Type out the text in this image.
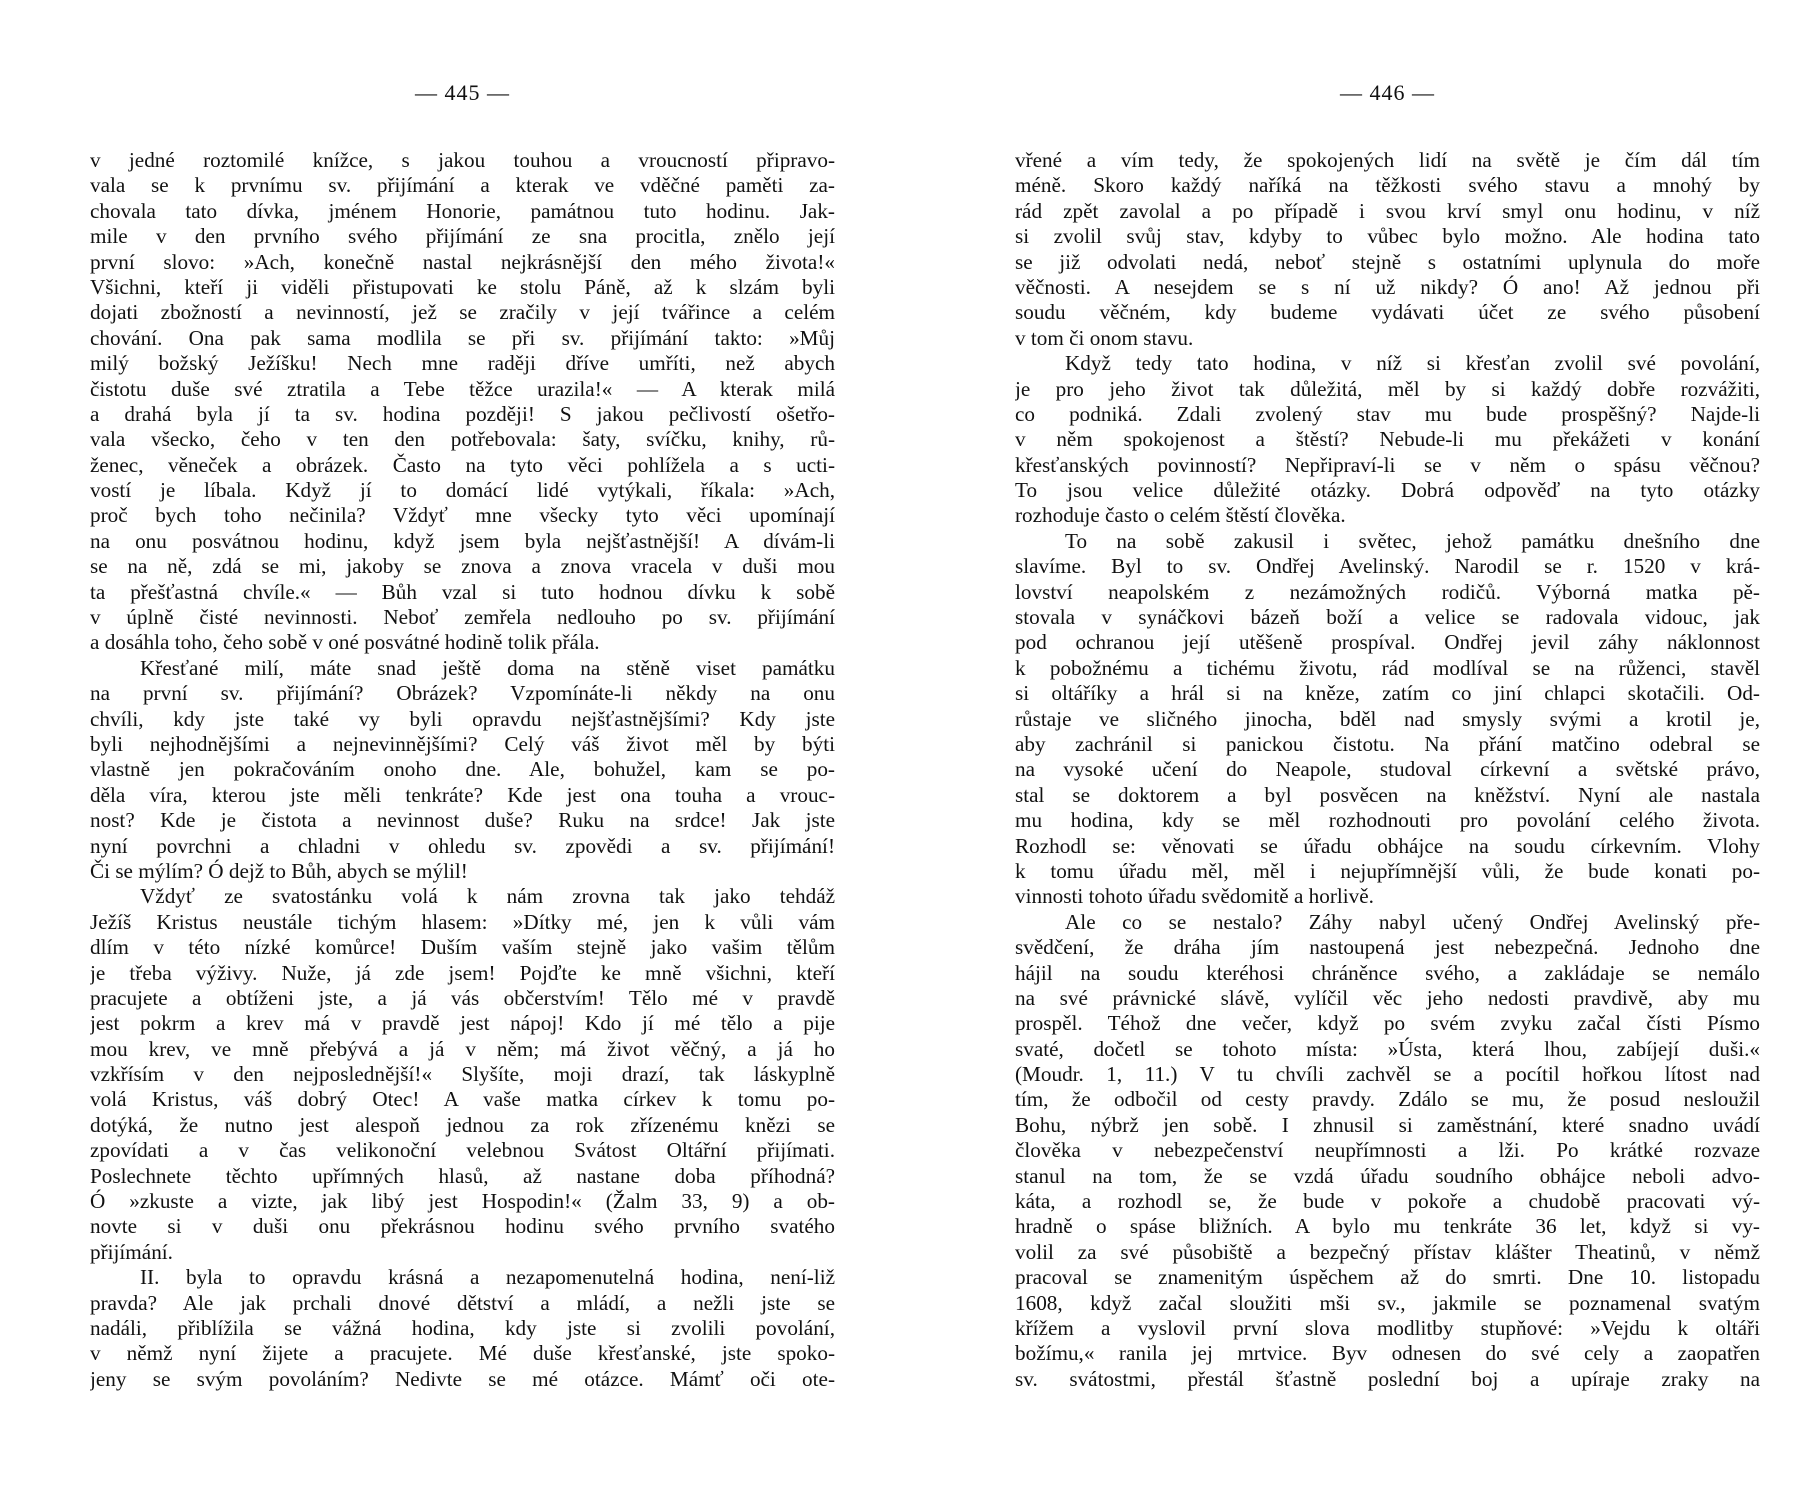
— 445 —
v jedné roztomilé knížce, s jakou touhou a vroucností připravo-
vala se k prvnímu sv. přijímání a kterak ve vděčné paměti za-
chovala tato dívka, jménem Honorie, památnou tuto hodinu. Jak-
mile v den prvního svého přijímání ze sna procitla, znělo její
první slovo: »Ach, konečně nastal nejkrásnější den mého života!«
Všichni, kteří ji viděli přistupovati ke stolu Páně, až k slzám byli
dojati zbožností a nevinností, jež se zračily v její tvářince a celém
chování. Ona pak sama modlila se při sv. přijímání takto: »Můj
milý božský Ježíšku! Nech mne raději dříve umříti, než abych
čistotu duše své ztratila a Tebe těžce urazila!« — A kterak milá
a drahá byla jí ta sv. hodina později! S jakou pečlivostí ošetřo-
vala všecko, čeho v ten den potřebovala: šaty, svíčku, knihy, rů-
ženec, věneček a obrázek. Často na tyto věci pohlížela a s ucti-
vostí je líbala. Když jí to domácí lidé vytýkali, říkala: »Ach,
proč bych toho nečinila? Vždyť mne všecky tyto věci upomínají
na onu posvátnou hodinu, když jsem byla nejšťastnější! A dívám-li
se na ně, zdá se mi, jakoby se znova a znova vracela v duši mou
ta přešťastná chvíle.« — Bůh vzal si tuto hodnou dívku k sobě
v úplně čisté nevinnosti. Neboť zemřela nedlouho po sv. přijímání
a dosáhla toho, čeho sobě v oné posvátné hodině tolik přála.
Křesťané milí, máte snad ještě doma na stěně viset památku
na první sv. přijímání? Obrázek? Vzpomínáte-li někdy na onu
chvíli, kdy jste také vy byli opravdu nejšťastnějšími? Kdy jste
byli nejhodnějšími a nejnevinnějšími? Celý váš život měl by býti
vlastně jen pokračováním onoho dne. Ale, bohužel, kam se po-
děla víra, kterou jste měli tenkráte? Kde jest ona touha a vrouc-
nost? Kde je čistota a nevinnost duše? Ruku na srdce! Jak jste
nyní povrchni a chladni v ohledu sv. zpovědi a sv. přijímání!
Či se mýlím? Ó dejž to Bůh, abych se mýlil!
Vždyť ze svatostánku volá k nám zrovna tak jako tehdáž
Ježíš Kristus neustále tichým hlasem: »Dítky mé, jen k vůli vám
dlím v této nízké komůrce! Duším vaším stejně jako vašim tělům
je třeba výživy. Nuže, já zde jsem! Pojďte ke mně všichni, kteří
pracujete a obtíženi jste, a já vás občerstvím! Tělo mé v pravdě
jest pokrm a krev má v pravdě jest nápoj! Kdo jí mé tělo a pije
mou krev, ve mně přebývá a já v něm; má život věčný, a já ho
vzkřísím v den nejposlednější!« Slyšíte, moji drazí, tak láskyplně
volá Kristus, váš dobrý Otec! A vaše matka církev k tomu po-
dotýká, že nutno jest alespoň jednou za rok zřízenému knězi se
zpovídati a v čas velikonoční velebnou Svátost Oltářní přijímati.
Poslechnete těchto upřímných hlasů, až nastane doba příhodná?
Ó »zkuste a vizte, jak libý jest Hospodin!« (Žalm 33, 9) a ob-
novte si v duši onu překrásnou hodinu svého prvního svatého
přijímání.
II. byla to opravdu krásná a nezapomenutelná hodina, není-liž
pravda? Ale jak prchali dnové dětství a mládí, a nežli jste se
nadáli, přiblížila se vážná hodina, kdy jste si zvolili povolání,
v němž nyní žijete a pracujete. Mé duše křesťanské, jste spoko-
jeny se svým povoláním? Nedivte se mé otázce. Mámť oči ote-
— 446 —
vřené a vím tedy, že spokojených lidí na světě je čím dál tím
méně. Skoro každý naříká na těžkosti svého stavu a mnohý by
rád zpět zavolal a po případě i svou krví smyl onu hodinu, v níž
si zvolil svůj stav, kdyby to vůbec bylo možno. Ale hodina tato
se již odvolati nedá, neboť stejně s ostatními uplynula do moře
věčnosti. A nesejdem se s ní už nikdy? Ó ano! Až jednou při
soudu věčném, kdy budeme vydávati účet ze svého působení
v tom či onom stavu.
Když tedy tato hodina, v níž si křesťan zvolil své povolání,
je pro jeho život tak důležitá, měl by si každý dobře rozvážiti,
co podniká. Zdali zvolený stav mu bude prospěšný? Najde-li
v něm spokojenost a štěstí? Nebude-li mu překážeti v konání
křesťanských povinností? Nepřipraví-li se v něm o spásu věčnou?
To jsou velice důležité otázky. Dobrá odpověď na tyto otázky
rozhoduje často o celém štěstí člověka.
To na sobě zakusil i světec, jehož památku dnešního dne
slavíme. Byl to sv. Ondřej Avelinský. Narodil se r. 1520 v krá-
lovství neapolském z nezámožných rodičů. Výborná matka pě-
stovala v synáčkovi bázeň boží a velice se radovala vidouc, jak
pod ochranou její utěšeně prospíval. Ondřej jevil záhy náklonnost
k pobožnému a tichému životu, rád modlíval se na růženci, stavěl
si oltáříky a hrál si na kněze, zatím co jiní chlapci skotačili. Od-
růstaje ve sličného jinocha, bděl nad smysly svými a krotil je,
aby zachránil si panickou čistotu. Na přání matčino odebral se
na vysoké učení do Neapole, studoval církevní a světské právo,
stal se doktorem a byl posvěcen na kněžství. Nyní ale nastala
mu hodina, kdy se měl rozhodnouti pro povolání celého života.
Rozhodl se: věnovati se úřadu obhájce na soudu církevním. Vlohy
k tomu úřadu měl, měl i nejupřímnější vůli, že bude konati po-
vinnosti tohoto úřadu svědomitě a horlivě.
Ale co se nestalo? Záhy nabyl učený Ondřej Avelinský pře-
svědčení, že dráha jím nastoupená jest nebezpečná. Jednoho dne
hájil na soudu kteréhosi chráněnce svého, a zakládaje se nemálo
na své právnické slávě, vylíčil věc jeho nedosti pravdivě, aby mu
prospěl. Téhož dne večer, když po svém zvyku začal čísti Písmo
svaté, dočetl se tohoto místa: »Ústa, která lhou, zabíjejí duši.«
(Moudr. 1, 11.) V tu chvíli zachvěl se a pocítil hořkou lítost nad
tím, že odbočil od cesty pravdy. Zdálo se mu, že posud nesloužil
Bohu, nýbrž jen sobě. I zhnusil si zaměstnání, které snadno uvádí
člověka v nebezpečenství neupřímnosti a lži. Po krátké rozvaze
stanul na tom, že se vzdá úřadu soudního obhájce neboli advo-
káta, a rozhodl se, že bude v pokoře a chudobě pracovati vý-
hradně o spáse bližních. A bylo mu tenkráte 36 let, když si vy-
volil za své působiště a bezpečný přístav klášter Theatinů, v němž
pracoval se znamenitým úspěchem až do smrti. Dne 10. listopadu
1608, když začal sloužiti mši sv., jakmile se poznamenal svatým
křížem a vyslovil první slova modlitby stupňové: »Vejdu k oltáři
božímu,« ranila jej mrtvice. Byv odnesen do své cely a zaopatřen
sv. svátostmi, přestál šťastně poslední boj a upíraje zraky na
